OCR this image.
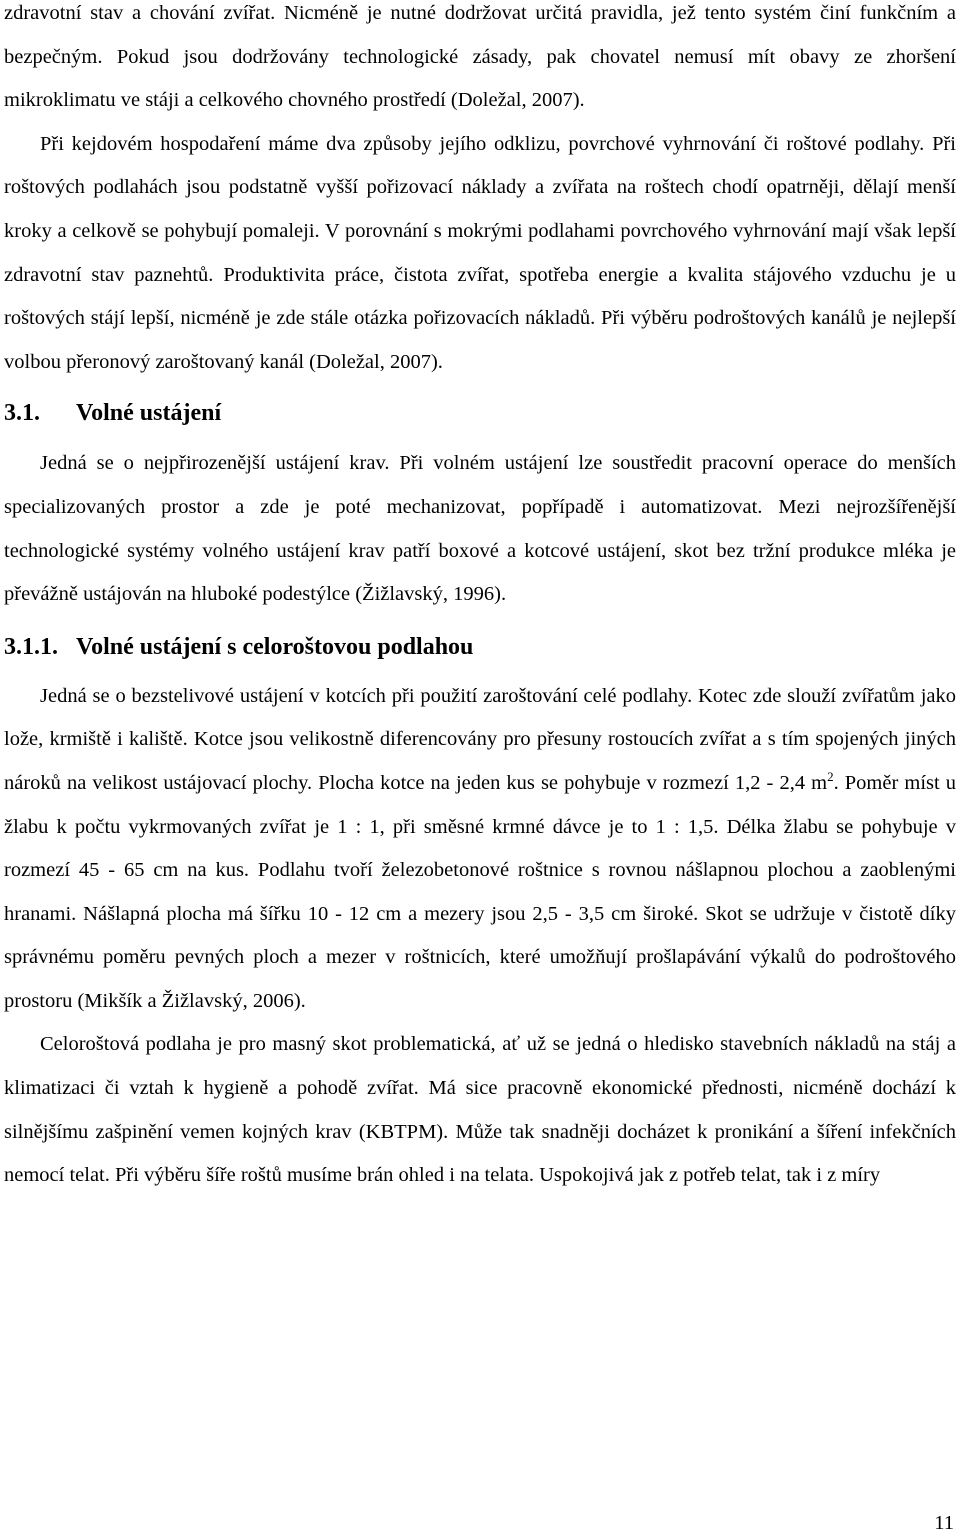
zdravotní stav a chování zvířat. Nicméně je nutné dodržovat určitá pravidla, jež tento systém činí funkčním a bezpečným. Pokud jsou dodržovány technologické zásady, pak chovatel nemusí mít obavy ze zhoršení mikroklimatu ve stáji a celkového chovného prostředí (Doležal, 2007).

Při kejdovém hospodaření máme dva způsoby jejího odklizu, povrchové vyhrnování či roštové podlahy. Při roštových podlahách jsou podstatně vyšší pořizovací náklady a zvířata na roštech chodí opatrněji, dělají menší kroky a celkově se pohybují pomaleji. V porovnání s mokrými podlahami povrchového vyhrnování mají však lepší zdravotní stav paznehtů. Produktivita práce, čistota zvířat, spotřeba energie a kvalita stájového vzduchu je u roštových stájí lepší, nicméně je zde stále otázka pořizovacích nákladů. Při výběru podroštových kanálů je nejlepší volbou přeronový zaroštovaný kanál (Doležal, 2007).

3.1. Volné ustájení

Jedná se o nejpřirozenější ustájení krav. Při volném ustájení lze soustředit pracovní operace do menších specializovaných prostor a zde je poté mechanizovat, popřípadě i automatizovat. Mezi nejrozšířenější technologické systémy volného ustájení krav patří boxové a kotcové ustájení, skot bez tržní produkce mléka je převážně ustájován na hluboké podestýlce (Žižlavský, 1996).

3.1.1. Volné ustájení s celoroštovou podlahou

Jedná se o bezstelivové ustájení v kotcích při použití zaroštování celé podlahy. Kotec zde slouží zvířatům jako lože, krmiště i kaliště. Kotce jsou velikostně diferencovány pro přesuny rostoucích zvířat a s tím spojených jiných nároků na velikost ustájovací plochy. Plocha kotce na jeden kus se pohybuje v rozmezí 1,2 - 2,4 $m^2$. Poměr míst u žlabu k počtu vykrmovaných zvířat je 1 : 1, při směsné krmné dávce je to 1 : 1,5. Délka žlabu se pohybuje v rozmezí 45 - 65 cm na kus. Podlahu tvoří železobetonové roštnice s rovnou nášlapnou plochou a zaoblenými hranami. Nášlapná plocha má šířku 10 - 12 cm a mezery jsou 2,5 - 3,5 cm široké. Skot se udržuje v čistotě díky správnému poměru pevných ploch a mezer v roštnicích, které umožňují prošlapávání výkalů do podroštového prostoru (Mikšík a Žižlavský, 2006).

Celoroštová podlaha je pro masný skot problematická, ať už se jedná o hledisko stavebních nákladů na stáj a klimatizaci či vztah k hygieně a pohodě zvířat. Má sice pracovně ekonomické přednosti, nicméně dochází k silnějšímu zašpinění vemen kojných krav (KBTPM). Může tak snadněji docházet k pronikání a šíření infekčních nemocí telat. Při výběru šíře roštů musíme brán ohled i na telata. Uspokojivá jak z potřeb telat, tak i z míry

11
